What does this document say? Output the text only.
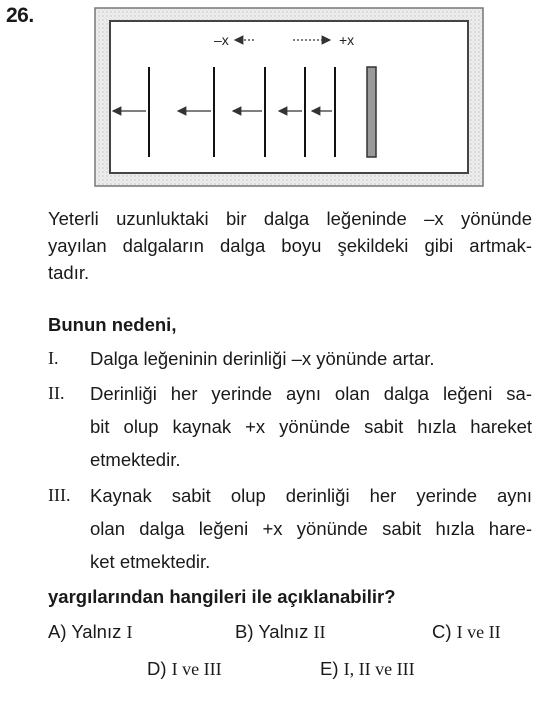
26.
–x	+x
Yeterli uzunluktaki bir dalga leğeninde –x yönünde
yayılan dalgaların dalga boyu şekildeki gibi artmak-
tadır.
Bunun nedeni,
I. Dalga leğeninin derinliği –x yönünde artar.
II. Derinliği her yerinde aynı olan dalga leğeni sa-
bit olup kaynak +x yönünde sabit hızla hareket
etmektedir.
III. Kaynak sabit olup derinliği her yerinde aynı
olan dalga leğeni +x yönünde sabit hızla hare-
ket etmektedir.
yargılarından hangileri ile açıklanabilir?
A) Yalnız I	B) Yalnız II	C) I ve II
D) I ve III	E) I, II ve III
